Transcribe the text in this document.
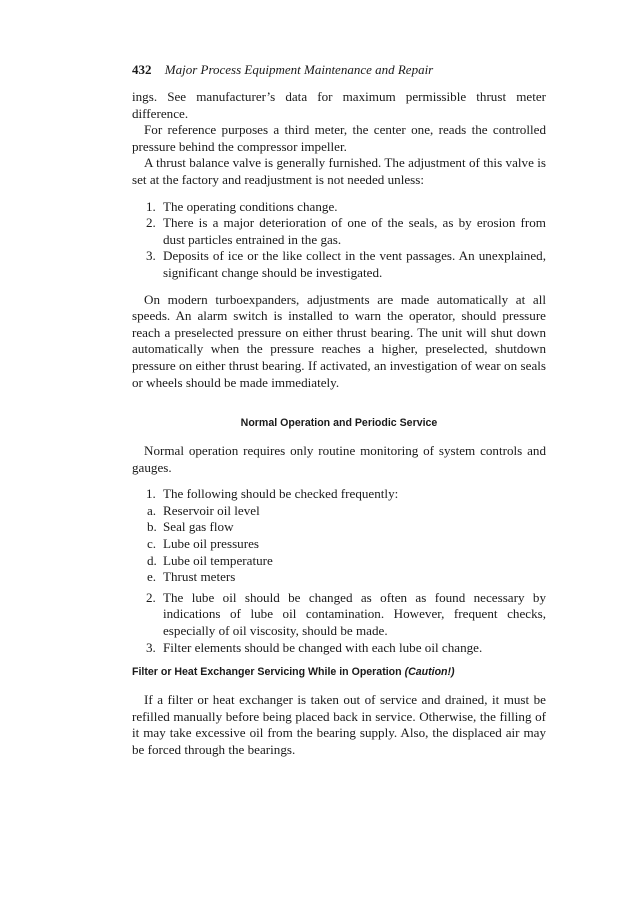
432 Major Process Equipment Maintenance and Repair

ings. See manufacturer’s data for maximum permissible thrust meter difference.

For reference purposes a third meter, the center one, reads the controlled pressure behind the compressor impeller.

A thrust balance valve is generally furnished. The adjustment of this valve is set at the factory and readjustment is not needed unless:

1. The operating conditions change.
2. There is a major deterioration of one of the seals, as by erosion from dust particles entrained in the gas.
3. Deposits of ice or the like collect in the vent passages. An unexplained, significant change should be investigated.

On modern turboexpanders, adjustments are made automatically at all speeds. An alarm switch is installed to warn the operator, should pressure reach a preselected pressure on either thrust bearing. The unit will shut down automatically when the pressure reaches a higher, preselected, shutdown pressure on either thrust bearing. If activated, an investigation of wear on seals or wheels should be made immediately.

Normal Operation and Periodic Service

Normal operation requires only routine monitoring of system controls and gauges.

1. The following should be checked frequently:
a. Reservoir oil level
b. Seal gas flow
c. Lube oil pressures
d. Lube oil temperature
e. Thrust meters
2. The lube oil should be changed as often as found necessary by indications of lube oil contamination. However, frequent checks, especially of oil viscosity, should be made.
3. Filter elements should be changed with each lube oil change.
Filter or Heat Exchanger Servicing While in Operation (Caution!)

If a filter or heat exchanger is taken out of service and drained, it must be refilled manually before being placed back in service. Otherwise, the filling of it may take excessive oil from the bearing supply. Also, the displaced air may be forced through the bearings.
